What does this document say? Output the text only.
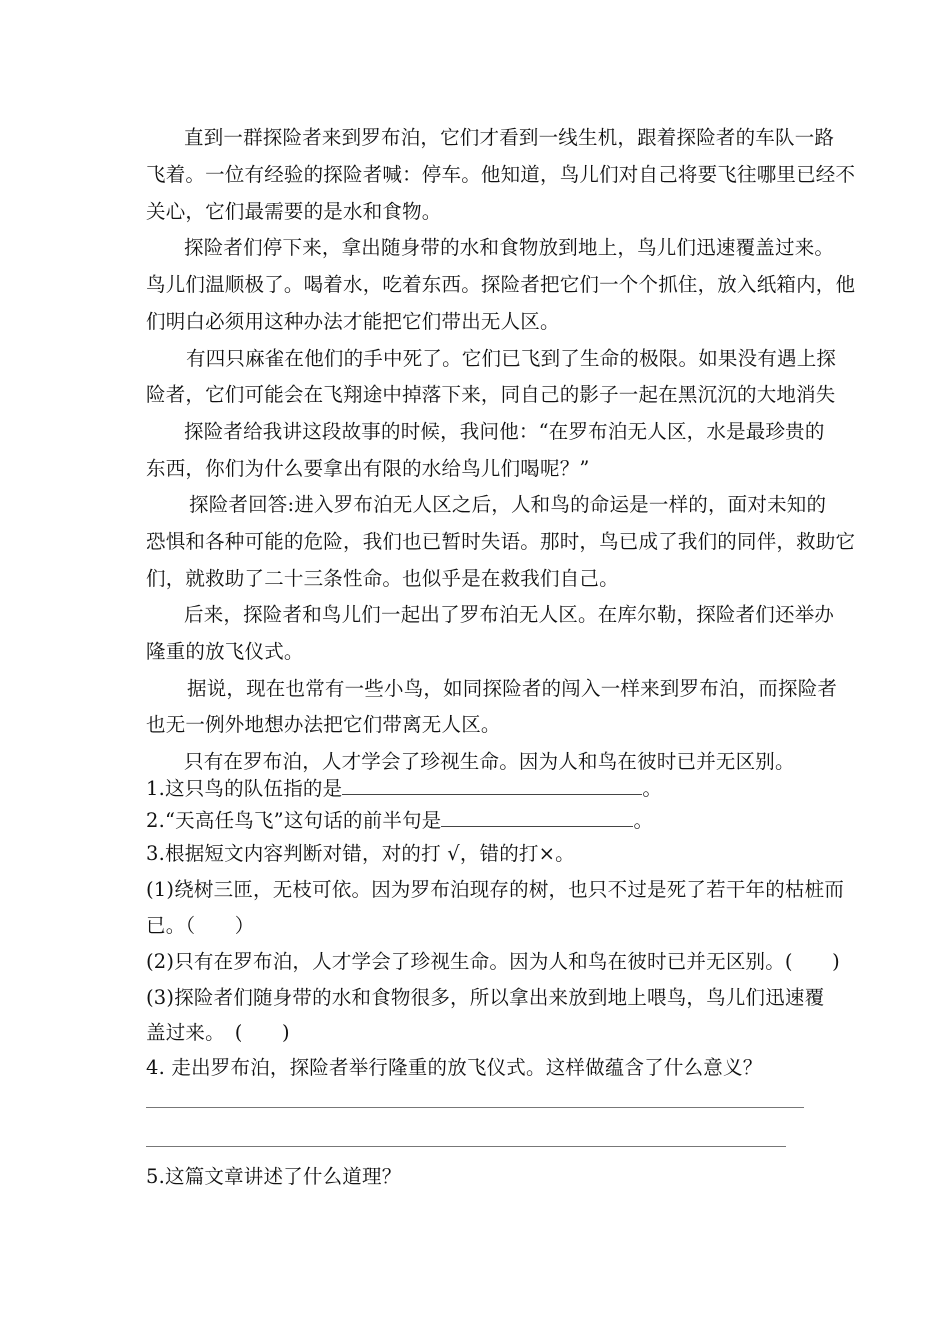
直到一群探险者来到罗布泊，它们才看到一线生机，跟着探险者的车队一路
飞着。一位有经验的探险者喊：停车。他知道，鸟儿们对自己将要飞往哪里已经不
关心，它们最需要的是水和食物。
探险者们停下来，拿出随身带的水和食物放到地上，鸟儿们迅速覆盖过来。
鸟儿们温顺极了。喝着水，吃着东西。探险者把它们一个个抓住，放入纸箱内，他
们明白必须用这种办法才能把它们带出无人区。
有四只麻雀在他们的手中死了。它们已飞到了生命的极限。如果没有遇上探
险者，它们可能会在飞翔途中掉落下来，同自己的影子一起在黑沉沉的大地消失
探险者给我讲这段故事的时候，我问他：“在罗布泊无人区，水是最珍贵的
东西，你们为什么要拿出有限的水给鸟儿们喝呢？”
探险者回答:进入罗布泊无人区之后，人和鸟的命运是一样的，面对未知的
恐惧和各种可能的危险，我们也已暂时失语。那时，鸟已成了我们的同伴，救助它
们，就救助了二十三条性命。也似乎是在救我们自己。
后来，探险者和鸟儿们一起出了罗布泊无人区。在库尔勒，探险者们还举办
隆重的放飞仪式。
据说，现在也常有一些小鸟，如同探险者的闯入一样来到罗布泊，而探险者
也无一例外地想办法把它们带离无人区。
只有在罗布泊，人才学会了珍视生命。因为人和鸟在彼时已并无区别。
1.这只鸟的队伍指的是	。
2.“天高任鸟飞”这句话的前半句是	。
3.根据短文内容判断对错，对的打 √，错的打×。
(1)绕树三匝，无枝可依。因为罗布泊现存的树，也只不过是死了若干年的枯桩而
已。（　　）
(2)只有在罗布泊，人才学会了珍视生命。因为人和鸟在彼时已并无区别。(　　)
(3)探险者们随身带的水和食物很多，所以拿出来放到地上喂鸟，鸟儿们迅速覆
盖过来。　(　　)
4. 走出罗布泊，探险者举行隆重的放飞仪式。这样做蕴含了什么意义？
5.这篇文章讲述了什么道理？
